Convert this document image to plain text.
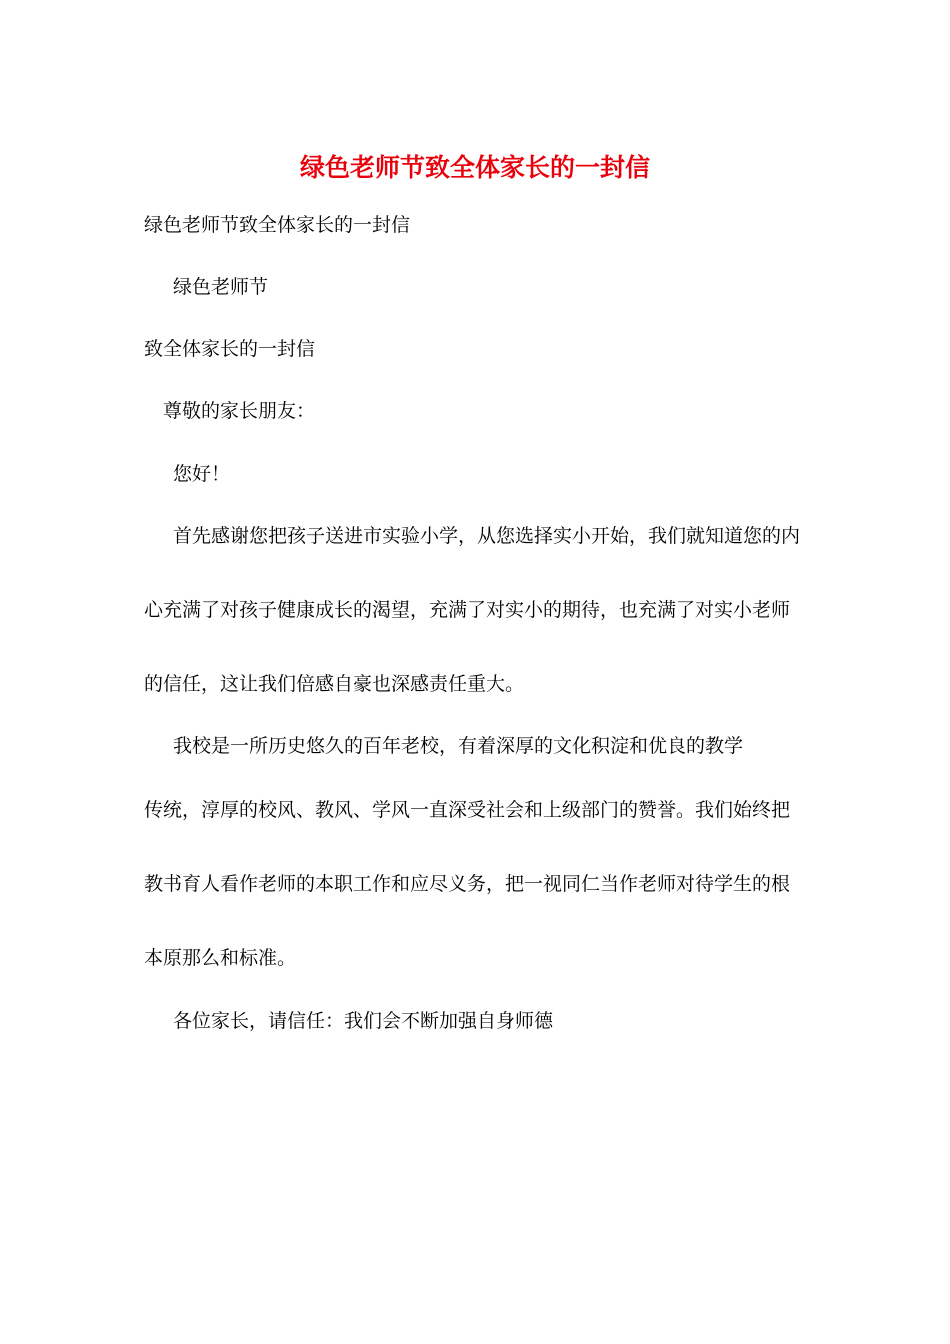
绿色老师节致全体家长的一封信
绿色老师节致全体家长的一封信
绿色老师节
致全体家长的一封信
尊敬的家长朋友：
您好！
首先感谢您把孩子送进市实验小学，从您选择实小开始，我们就知道您的内
心充满了对孩子健康成长的渴望，充满了对实小的期待，也充满了对实小老师
的信任，这让我们倍感自豪也深感责任重大。
我校是一所历史悠久的百年老校，有着深厚的文化积淀和优良的教学
传统，淳厚的校风、教风、学风一直深受社会和上级部门的赞誉。我们始终把
教书育人看作老师的本职工作和应尽义务，把一视同仁当作老师对待学生的根
本原那么和标准。
各位家长，请信任：我们会不断加强自身师德
